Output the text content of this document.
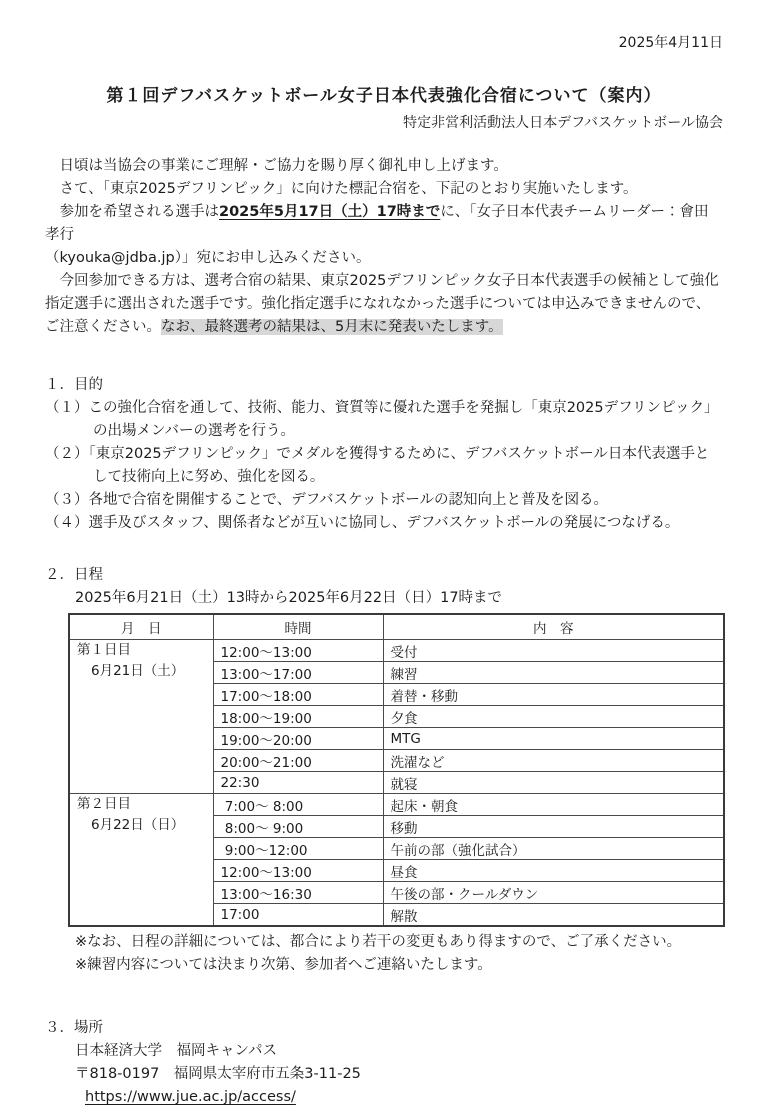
2025年4月11日
第１回デフバスケットボール女子日本代表強化合宿について（案内）
特定非営利活動法人日本デフバスケットボール協会

　日頃は当協会の事業にご理解・ご協力を賜り厚く御礼申し上げます。

　さて、「東京2025デフリンピック」に向けた標記合宿を、下記のとおり実施いたします。

　参加を希望される選手は2025年5月17日（土）17時までに、「女子日本代表チームリーダー：會田孝行

（kyouka@jdba.jp）」宛にお申し込みください。

　今回参加できる方は、選考合宿の結果、東京2025デフリンピック女子日本代表選手の候補として強化

指定選手に選出された選手です。強化指定選手になれなかった選手については申込みできませんので、

ご注意ください。なお、最終選考の結果は、5月末に発表いたします。

１．目的

（１）この強化合宿を通して、技術、能力、資質等に優れた選手を発掘し「東京2025デフリンピック」

の出場メンバーの選考を行う。

（２）「東京2025デフリンピック」でメダルを獲得するために、デフバスケットボール日本代表選手と

して技術向上に努め、強化を図る。

（３）各地で合宿を開催することで、デフバスケットボールの認知向上と普及を図る。

（４）選手及びスタッフ、関係者などが互いに協同し、デフバスケットボールの発展につなげる。

２．日程

2025年6月21日（土）13時から2025年6月22日（日）17時まで

月　日	時間	内　容

第１日目
6月21日（土）	12:00～13:00	受付
	13:00～17:00	練習
	17:00～18:00	着替・移動
	18:00～19:00	夕食
	19:00～20:00	MTG
	20:00～21:00	洗濯など
	22:30	就寝

第２日目
6月22日（日）	7:00～ 8:00	起床・朝食
	8:00～ 9:00	移動
	9:00～12:00	午前の部（強化試合）
	12:00～13:00	昼食
	13:00～16:30	午後の部・クールダウン
	17:00	解散

※なお、日程の詳細については、都合により若干の変更もあり得ますので、ご了承ください。

※練習内容については決まり次第、参加者へご連絡いたします。

３．場所

日本経済大学　福岡キャンパス

〒818-0197　福岡県太宰府市五条3-11-25

https://www.jue.ac.jp/access/
